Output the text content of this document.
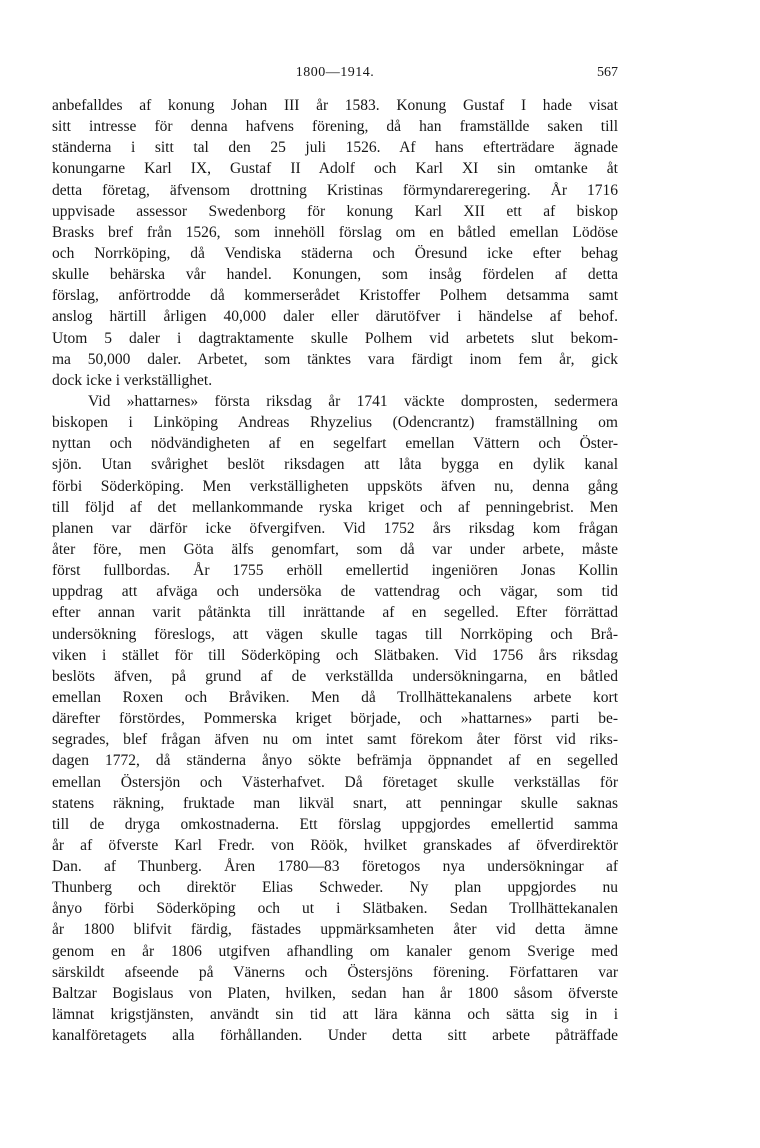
1800—1914.	567
anbefalldes af konung Johan III år 1583. Konung Gustaf I hade visat
sitt intresse för denna hafvens förening, då han framställde saken till
ständerna i sitt tal den 25 juli 1526. Af hans efterträdare ägnade
konungarne Karl IX, Gustaf II Adolf och Karl XI sin omtanke åt
detta företag, äfvensom drottning Kristinas förmyndareregering. År 1716
uppvisade assessor Swedenborg för konung Karl XII ett af biskop
Brasks bref från 1526, som innehöll förslag om en båtled emellan Lödöse
och Norrköping, då Vendiska städerna och Öresund icke efter behag
skulle behärska vår handel. Konungen, som insåg fördelen af detta
förslag, anförtrodde då kommerserådet Kristoffer Polhem detsamma samt
anslog härtill årligen 40,000 daler eller därutöfver i händelse af behof.
Utom 5 daler i dagtraktamente skulle Polhem vid arbetets slut bekom-
ma 50,000 daler. Arbetet, som tänktes vara färdigt inom fem år, gick
dock icke i verkställighet.
Vid »hattarnes» första riksdag år 1741 väckte domprosten, sedermera
biskopen i Linköping Andreas Rhyzelius (Odencrantz) framställning om
nyttan och nödvändigheten af en segelfart emellan Vättern och Öster-
sjön. Utan svårighet beslöt riksdagen att låta bygga en dylik kanal
förbi Söderköping. Men verkställigheten uppsköts äfven nu, denna gång
till följd af det mellankommande ryska kriget och af penningebrist. Men
planen var därför icke öfvergifven. Vid 1752 års riksdag kom frågan
åter före, men Göta älfs genomfart, som då var under arbete, måste
först fullbordas. År 1755 erhöll emellertid ingeniören Jonas Kollin
uppdrag att afväga och undersöka de vattendrag och vägar, som tid
efter annan varit påtänkta till inrättande af en segelled. Efter förrättad
undersökning föreslogs, att vägen skulle tagas till Norrköping och Brå-
viken i stället för till Söderköping och Slätbaken. Vid 1756 års riksdag
beslöts äfven, på grund af de verkställda undersökningarna, en båtled
emellan Roxen och Bråviken. Men då Trollhättekanalens arbete kort
därefter förstördes, Pommerska kriget började, och »hattarnes» parti be-
segrades, blef frågan äfven nu om intet samt förekom åter först vid riks-
dagen 1772, då ständerna ånyo sökte befrämja öppnandet af en segelled
emellan Östersjön och Västerhafvet. Då företaget skulle verkställas för
statens räkning, fruktade man likväl snart, att penningar skulle saknas
till de dryga omkostnaderna. Ett förslag uppgjordes emellertid samma
år af öfverste Karl Fredr. von Röök, hvilket granskades af öfverdirektör
Dan. af Thunberg. Åren 1780—83 företogos nya undersökningar af
Thunberg och direktör Elias Schweder. Ny plan uppgjordes nu
ånyo förbi Söderköping och ut i Slätbaken. Sedan Trollhättekanalen
år 1800 blifvit färdig, fästades uppmärksamheten åter vid detta ämne
genom en år 1806 utgifven afhandling om kanaler genom Sverige med
särskildt afseende på Vänerns och Östersjöns förening. Författaren var
Baltzar Bogislaus von Platen, hvilken, sedan han år 1800 såsom öfverste
lämnat krigstjänsten, användt sin tid att lära känna och sätta sig in i
kanalföretagets alla förhållanden. Under detta sitt arbete påträffade
